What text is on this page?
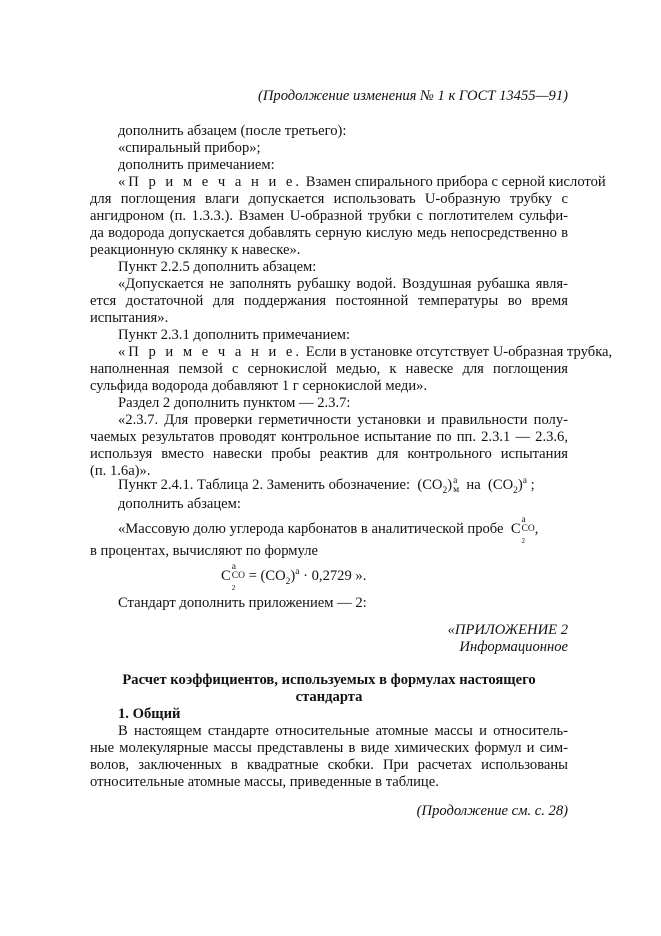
(Продолжение изменения № 1 к ГОСТ 13455—91)
дополнить абзацем (после третьего):
«спиральный прибор»;
дополнить примечанием:
«П р и м е ч а н и е. Взамен спирального прибора с серной кислотой
для поглощения влаги допускается использовать U-образную трубку с
ангидроном (п. 1.3.3.). Взамен U-образной трубки с поглотителем сульфи-
да водорода допускается добавлять серную кислую медь непосредственно в
реакционную склянку к навеске».
Пункт 2.2.5 дополнить абзацем:
«Допускается не заполнять рубашку водой. Воздушная рубашка явля-
ется достаточной для поддержания постоянной температуры во время
испытания».
Пункт 2.3.1 дополнить примечанием:
«П р и м е ч а н и е. Если в установке отсутствует U-образная трубка,
наполненная пемзой с сернокислой медью, к навеске для поглощения
сульфида водорода добавляют 1 г сернокислой меди».
Раздел 2 дополнить пунктом — 2.3.7:
«2.3.7. Для проверки герметичности установки и правильности полу-
чаемых результатов проводят контрольное испытание по пп. 2.3.1 — 2.3.6,
используя вместо навески пробы реактив для контрольного испытания
(п. 1.6а)».
Пункт 2.4.1. Таблица 2. Заменить обозначение: $(CO_2)$ а
м на $(CO_2)^а$ ;
дополнить абзацем:
«Массовую долю углерода карбонатов в аналитической пробе C
а
CO
$_2$
,
в процентах, вычисляют по формуле
C
а
CO
$_2$
= $(CO_2)^а \cdot 0,2729$ ».
Стандарт дополнить приложением — 2:
«ПРИЛОЖЕНИЕ 2
Информационное
Расчет коэффициентов, используемых в формулах настоящего
стандарта
1. Общий
В настоящем стандарте относительные атомные массы и относитель-
ные молекулярные массы представлены в виде химических формул и сим-
волов, заключенных в квадратные скобки. При расчетах использованы
относительные атомные массы, приведенные в таблице.
(Продолжение см. с. 28)
